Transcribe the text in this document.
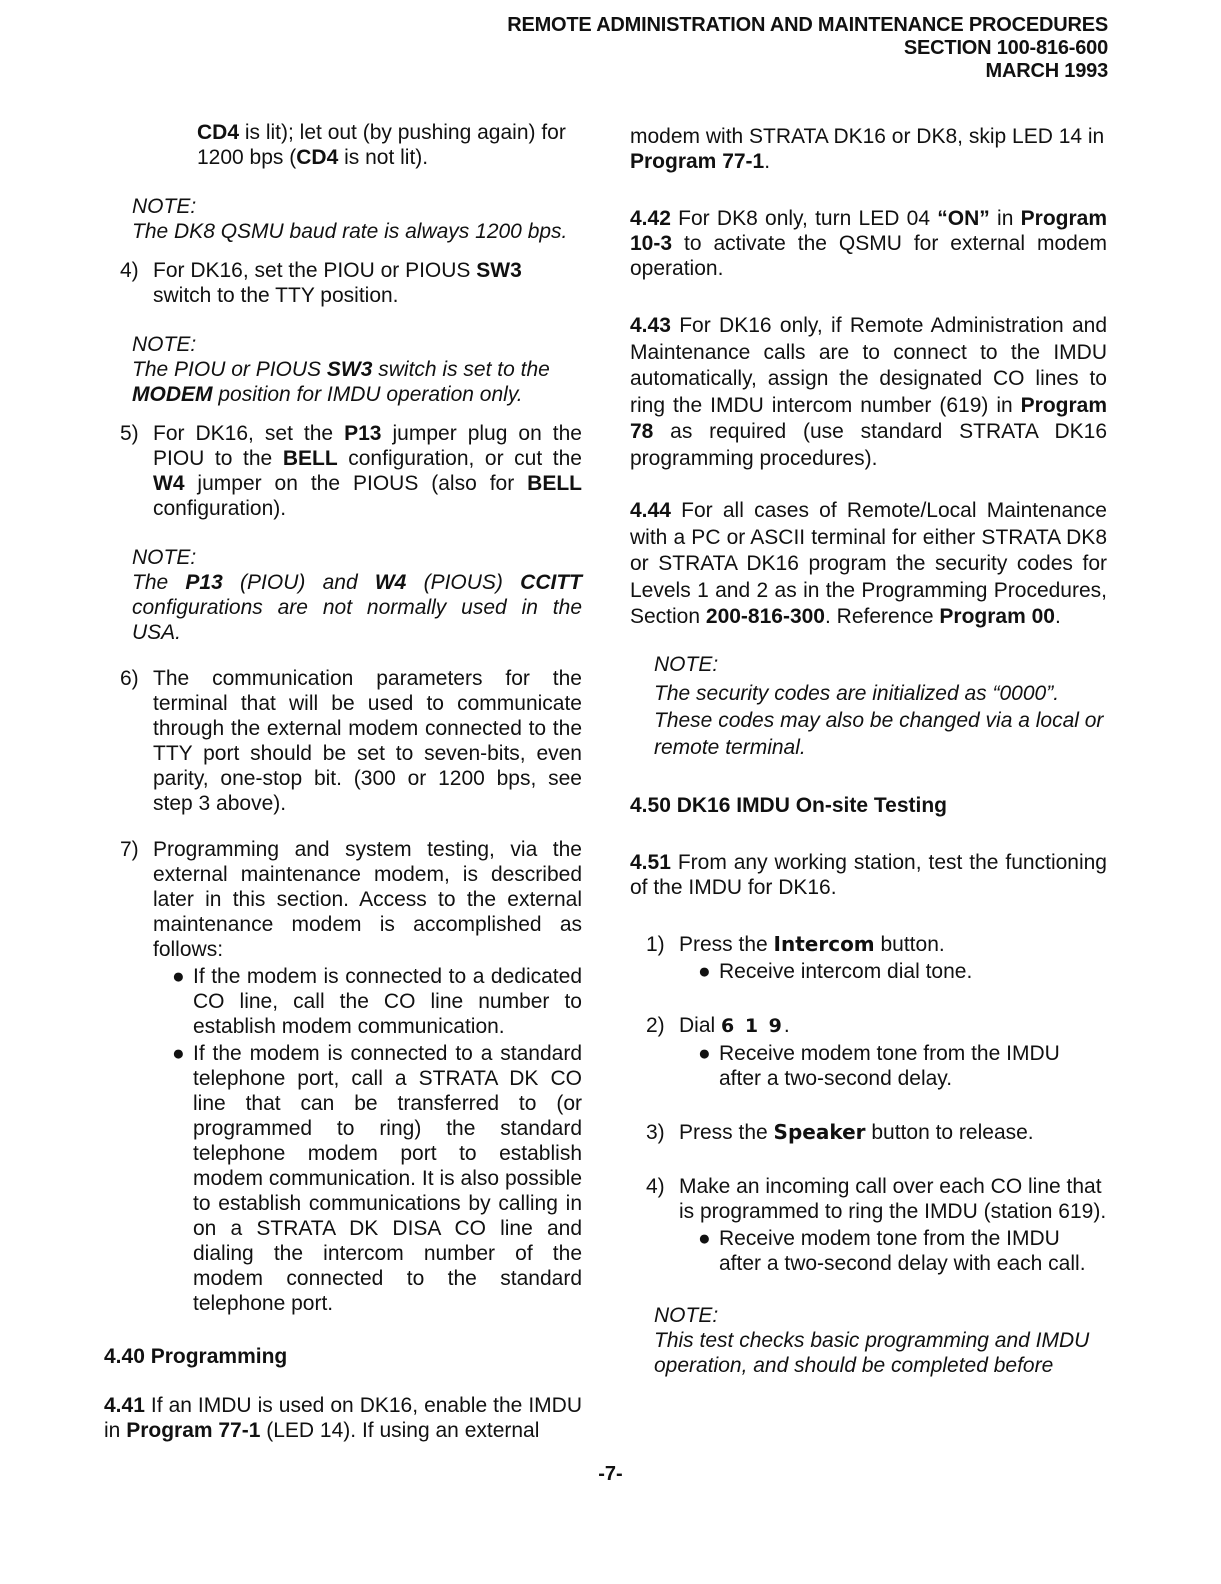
REMOTE ADMINISTRATION AND MAINTENANCE PROCEDURES
SECTION 100-816-600
MARCH 1993

CD4 is lit); let out (by pushing again) for 1200 bps (CD4 is not lit).

NOTE:
The DK8 QSMU baud rate is always 1200 bps.
4) For DK16, set the PIOU or PIOUS SW3 switch to the TTY position.
NOTE:
The PIOU or PIOUS SW3 switch is set to the MODEM position for IMDU operation only.
5) For DK16, set the P13 jumper plug on the PIOU to the BELL configuration, or cut the W4 jumper on the PIOUS (also for BELL configuration).
NOTE:
The P13 (PIOU) and W4 (PIOUS) CCITT configurations are not normally used in the USA.
6) The communication parameters for the terminal that will be used to communicate through the external modem connected to the TTY port should be set to seven-bits, even parity, one-stop bit. (300 or 1200 bps, see step 3 above).
7) Programming and system testing, via the external maintenance modem, is described later in this section. Access to the external maintenance modem is accomplished as follows:
● If the modem is connected to a dedicated CO line, call the CO line number to establish modem communication.
● If the modem is connected to a standard telephone port, call a STRATA DK CO line that can be transferred to (or programmed to ring) the standard telephone modem port to establish modem communication. It is also possible to establish communications by calling in on a STRATA DK DISA CO line and dialing the intercom number of the modem connected to the standard telephone port.
4.40 Programming

4.41 If an IMDU is used on DK16, enable the IMDU in Program 77-1 (LED 14). If using an external

modem with STRATA DK16 or DK8, skip LED 14 in Program 77-1.

4.42 For DK8 only, turn LED 04 “ON” in Program 10-3 to activate the QSMU for external modem operation.

4.43 For DK16 only, if Remote Administration and Maintenance calls are to connect to the IMDU automatically, assign the designated CO lines to ring the IMDU intercom number (619) in Program 78 as required (use standard STRATA DK16 programming procedures).

4.44 For all cases of Remote/Local Maintenance with a PC or ASCII terminal for either STRATA DK8 or STRATA DK16 program the security codes for Levels 1 and 2 as in the Programming Procedures, Section 200-816-300. Reference Program 00.

NOTE:
The security codes are initialized as “0000”. These codes may also be changed via a local or remote terminal.
4.50 DK16 IMDU On-site Testing

4.51 From any working station, test the functioning of the IMDU for DK16.

1) Press the Intercom button.
● Receive intercom dial tone.
2) Dial 6 1 9.
● Receive modem tone from the IMDU after a two-second delay.
3) Press the Speaker button to release.
4) Make an incoming call over each CO line that is programmed to ring the IMDU (station 619).
● Receive modem tone from the IMDU after a two-second delay with each call.
NOTE:
This test checks basic programming and IMDU operation, and should be completed before
-7-
